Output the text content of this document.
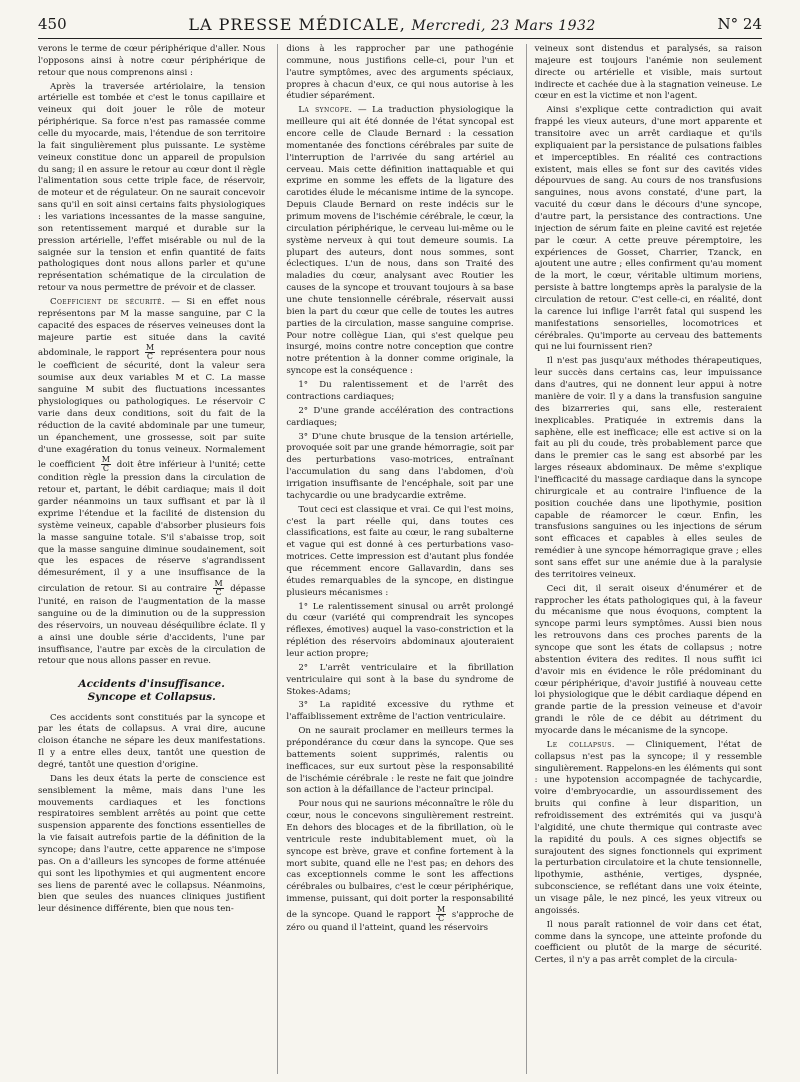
450	LA PRESSE MÉDICALE, Mercredi, 23 Mars 1932	N° 24

verons le terme de cœur périphérique d'aller. Nous l'opposons ainsi à notre cœur périphérique de retour que nous comprenons ainsi :

Après la traversée artériolaire, la tension artérielle est tombée et c'est le tonus capillaire et veineux qui doit jouer le rôle de moteur périphérique. Sa force n'est pas ramassée comme celle du myocarde, mais, l'étendue de son territoire la fait singulièrement plus puissante. Le système veineux constitue donc un appareil de propulsion du sang; il en assure le retour au cœur dont il règle l'alimentation sous cette triple face, de réservoir, de moteur et de régulateur. On ne saurait concevoir sans qu'il en soit ainsi certains faits physiologiques : les variations incessantes de la masse sanguine, son retentissement marqué et durable sur la pression artérielle, l'effet misérable ou nul de la saignée sur la tension et enfin quantité de faits pathologiques dont nous allons parler et qu'une représentation schématique de la circulation de retour va nous permettre de prévoir et de classer.

Coefficient de sécurité. — Si en effet nous représentons par M la masse sanguine, par C la capacité des espaces de réserves veineuses dont la majeure partie est située dans la cavité abdominale, le rapport $\frac{M}{C}$ représentera pour nous le coefficient de sécurité, dont la valeur sera soumise aux deux variables M et C. La masse sanguine M subit des fluctuations incessantes physiologiques ou pathologiques. Le réservoir C varie dans deux conditions, soit du fait de la réduction de la cavité abdominale par une tumeur, un épanchement, une grossesse, soit par suite d'une exagération du tonus veineux. Normalement le coefficient $\frac{M}{C}$ doit être inférieur à l'unité; cette condition règle la pression dans la circulation de retour et, partant, le débit cardiaque; mais il doit garder néanmoins un taux suffisant et par là il exprime l'étendue et la facilité de distension du système veineux, capable d'absorber plusieurs fois la masse sanguine totale. S'il s'abaisse trop, soit que la masse sanguine diminue soudainement, soit que les espaces de réserve s'agrandissent démesurément, il y a une insuffisance de la circulation de retour. Si au contraire $\frac{M}{C}$ dépasse l'unité, en raison de l'augmentation de la masse sanguine ou de la diminution ou de la suppression des réservoirs, un nouveau déséquilibre éclate. Il y a ainsi une double série d'accidents, l'une par insuffisance, l'autre par excès de la circulation de retour que nous allons passer en revue.

Accidents d'insuffisance.
Syncope et Collapsus.

Ces accidents sont constitués par la syncope et par les états de collapsus. A vrai dire, aucune cloison étanche ne sépare les deux manifestations. Il y a entre elles deux, tantôt une question de degré, tantôt une question d'origine.

Dans les deux états la perte de conscience est sensiblement la même, mais dans l'une les mouvements cardiaques et les fonctions respiratoires semblent arrêtés au point que cette suspension apparente des fonctions essentielles de la vie faisait autrefois partie de la définition de la syncope; dans l'autre, cette apparence ne s'impose pas. On a d'ailleurs les syncopes de forme atténuée qui sont les lipothymies et qui augmentent encore ses liens de parenté avec le collapsus. Néanmoins, bien que seules des nuances cliniques justifient leur désinence différente, bien que nous ten-

dions à les rapprocher par une pathogénie commune, nous justifions celle-ci, pour l'un et l'autre symptômes, avec des arguments spéciaux, propres à chacun d'eux, ce qui nous autorise à les étudier séparément.

La syncope. — La traduction physiologique la meilleure qui ait été donnée de l'état syncopal est encore celle de Claude Bernard : la cessation momentanée des fonctions cérébrales par suite de l'interruption de l'arrivée du sang artériel au cerveau. Mais cette définition inattaquable et qui exprime en somme les effets de la ligature des carotides élude le mécanisme intime de la syncope. Depuis Claude Bernard on reste indécis sur le primum movens de l'ischémie cérébrale, le cœur, la circulation périphérique, le cerveau lui-même ou le système nerveux à qui tout demeure soumis. La plupart des auteurs, dont nous sommes, sont éclectiques. L'un de nous, dans son Traité des maladies du cœur, analysant avec Routier les causes de la syncope et trouvant toujours à sa base une chute tensionnelle cérébrale, réservait aussi bien la part du cœur que celle de toutes les autres parties de la circulation, masse sanguine comprise. Pour notre collègue Lian, qui s'est quelque peu insurgé, moins contre notre conception que contre notre prétention à la donner comme originale, la syncope est la conséquence :

1° Du ralentissement et de l'arrêt des contractions cardiaques;

2° D'une grande accélération des contractions cardiaques;

3° D'une chute brusque de la tension artérielle, provoquée soit par une grande hémorragie, soit par des perturbations vaso-motrices, entraînant l'accumulation du sang dans l'abdomen, d'où irrigation insuffisante de l'encéphale, soit par une tachycardie ou une bradycardie extrême.

Tout ceci est classique et vrai. Ce qui l'est moins, c'est la part réelle qui, dans toutes ces classifications, est faite au cœur, le rang subalterne et vague qui est donné à ces perturbations vaso-motrices. Cette impression est d'autant plus fondée que récemment encore Gallavardin, dans ses études remarquables de la syncope, en distingue plusieurs mécanismes :

1° Le ralentissement sinusal ou arrêt prolongé du cœur (variété qui comprendrait les syncopes réflexes, émotives) auquel la vaso-constriction et la réplétion des réservoirs abdominaux ajouteraient leur action propre;

2° L'arrêt ventriculaire et la fibrillation ventriculaire qui sont à la base du syndrome de Stokes-Adams;

3° La rapidité excessive du rythme et l'affaiblissement extrême de l'action ventriculaire.

On ne saurait proclamer en meilleurs termes la prépondérance du cœur dans la syncope. Que ses battements soient supprimés, ralentis ou inefficaces, sur eux surtout pèse la responsabilité de l'ischémie cérébrale : le reste ne fait que joindre son action à la défaillance de l'acteur principal.

Pour nous qui ne saurions méconnaître le rôle du cœur, nous le concevons singulièrement restreint. En dehors des blocages et de la fibrillation, où le ventricule reste indubitablement muet, où la syncope est brève, grave et confine fortement à la mort subite, quand elle ne l'est pas; en dehors des cas exceptionnels comme le sont les affections cérébrales ou bulbaires, c'est le cœur périphérique, immense, puissant, qui doit porter la responsabilité de la syncope. Quand le rapport $\frac{M}{C}$ s'approche de zéro ou quand il l'atteint, quand les réservoirs

veineux sont distendus et paralysés, sa raison majeure est toujours l'anémie non seulement directe ou artérielle et visible, mais surtout indirecte et cachée due à la stagnation veineuse. Le cœur en est la victime et non l'agent.

Ainsi s'explique cette contradiction qui avait frappé les vieux auteurs, d'une mort apparente et transitoire avec un arrêt cardiaque et qu'ils expliquaient par la persistance de pulsations faibles et imperceptibles. En réalité ces contractions existent, mais elles se font sur des cavités vides dépourvues de sang. Au cours de nos transfusions sanguines, nous avons constaté, d'une part, la vacuité du cœur dans le décours d'une syncope, d'autre part, la persistance des contractions. Une injection de sérum faite en pleine cavité est rejetée par le cœur. A cette preuve péremptoire, les expériences de Gosset, Charrier, Tzanck, en ajoutent une autre ; elles confirment qu'au moment de la mort, le cœur, véritable ultimum moriens, persiste à battre longtemps après la paralysie de la circulation de retour. C'est celle-ci, en réalité, dont la carence lui inflige l'arrêt fatal qui suspend les manifestations sensorielles, locomotrices et cérébrales. Qu'importe au cerveau des battements qui ne lui fournissent rien?

Il n'est pas jusqu'aux méthodes thérapeutiques, leur succès dans certains cas, leur impuissance dans d'autres, qui ne donnent leur appui à notre manière de voir. Il y a dans la transfusion sanguine des bizarreries qui, sans elle, resteraient inexplicables. Pratiquée in extremis dans la saphène, elle est inefficace; elle est active si on la fait au pli du coude, très probablement parce que dans le premier cas le sang est absorbé par les larges réseaux abdominaux. De même s'explique l'inefficacité du massage cardiaque dans la syncope chirurgicale et au contraire l'influence de la position couchée dans une lipothymie, position capable de réamorcer le cœur. Enfin, les transfusions sanguines ou les injections de sérum sont efficaces et capables à elles seules de remédier à une syncope hémorragique grave ; elles sont sans effet sur une anémie due à la paralysie des territoires veineux.

Ceci dit, il serait oiseux d'énumérer et de rapprocher les états pathologiques qui, à la faveur du mécanisme que nous évoquons, comptent la syncope parmi leurs symptômes. Aussi bien nous les retrouvons dans ces proches parents de la syncope que sont les états de collapsus ; notre abstention évitera des redites. Il nous suffit ici d'avoir mis en évidence le rôle prédominant du cœur périphérique, d'avoir justifié à nouveau cette loi physiologique que le débit cardiaque dépend en grande partie de la pression veineuse et d'avoir grandi le rôle de ce débit au détriment du myocarde dans le mécanisme de la syncope.

Le collapsus. — Cliniquement, l'état de collapsus n'est pas la syncope; il y ressemble singulièrement. Rappelons-en les éléments qui sont : une hypotension accompagnée de tachycardie, voire d'embryocardie, un assourdissement des bruits qui confine à leur disparition, un refroidissement des extrémités qui va jusqu'à l'algidité, une chute thermique qui contraste avec la rapidité du pouls. A ces signes objectifs se surajoutent des signes fonctionnels qui expriment la perturbation circulatoire et la chute tensionnelle, lipothymie, asthénie, vertiges, dyspnée, subconscience, se reflétant dans une voix éteinte, un visage pâle, le nez pincé, les yeux vitreux ou angoissés.

Il nous paraît rationnel de voir dans cet état, comme dans la syncope, une atteinte profonde du coefficient ou plutôt de la marge de sécurité. Certes, il n'y a pas arrêt complet de la circula-
